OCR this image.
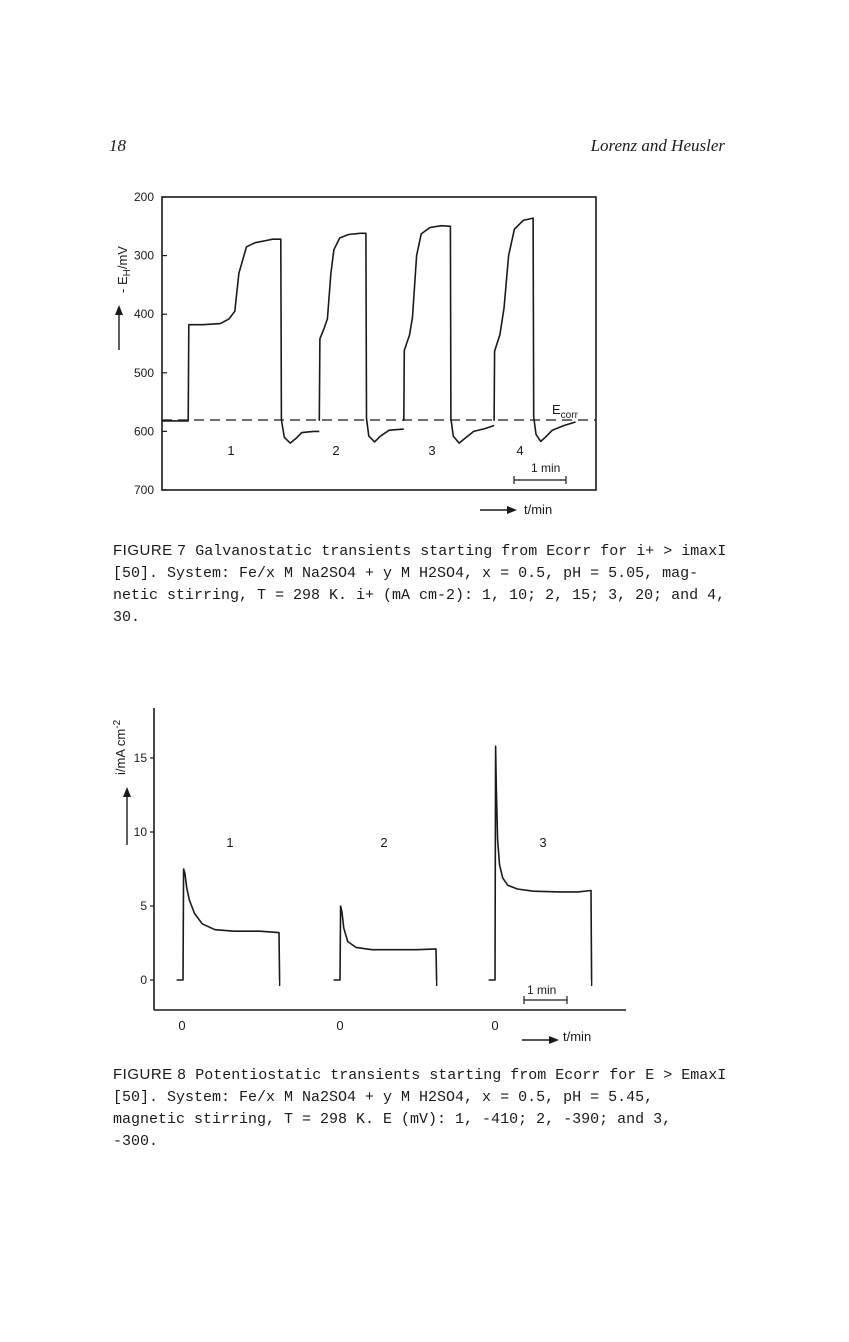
18	Lorenz and Heusler
200
300
400
500
600
700
$E_{corr}$
1	2	3	4
1 min
- $E_H/mV$
t/min
FIGURE 7 Galvanostatic transients starting from Ecorr for i+ > imaxI
[50]. System: Fe/x M Na2SO4 + y M H2SO4, x = 0.5, pH = 5.05, mag-
netic stirring, T = 298 K. i+ (mA cm-2): 1, 10; 2, 15; 3, 20; and 4,
30.
0
5
10
15
0	0	0
1	2	3
1 min
i/mA $cm^{-2}$
t/min
FIGURE 8 Potentiostatic transients starting from Ecorr for E > EmaxI
[50]. System: Fe/x M Na2SO4 + y M H2SO4, x = 0.5, pH = 5.45,
magnetic stirring, T = 298 K. E (mV): 1, -410; 2, -390; and 3,
-300.
